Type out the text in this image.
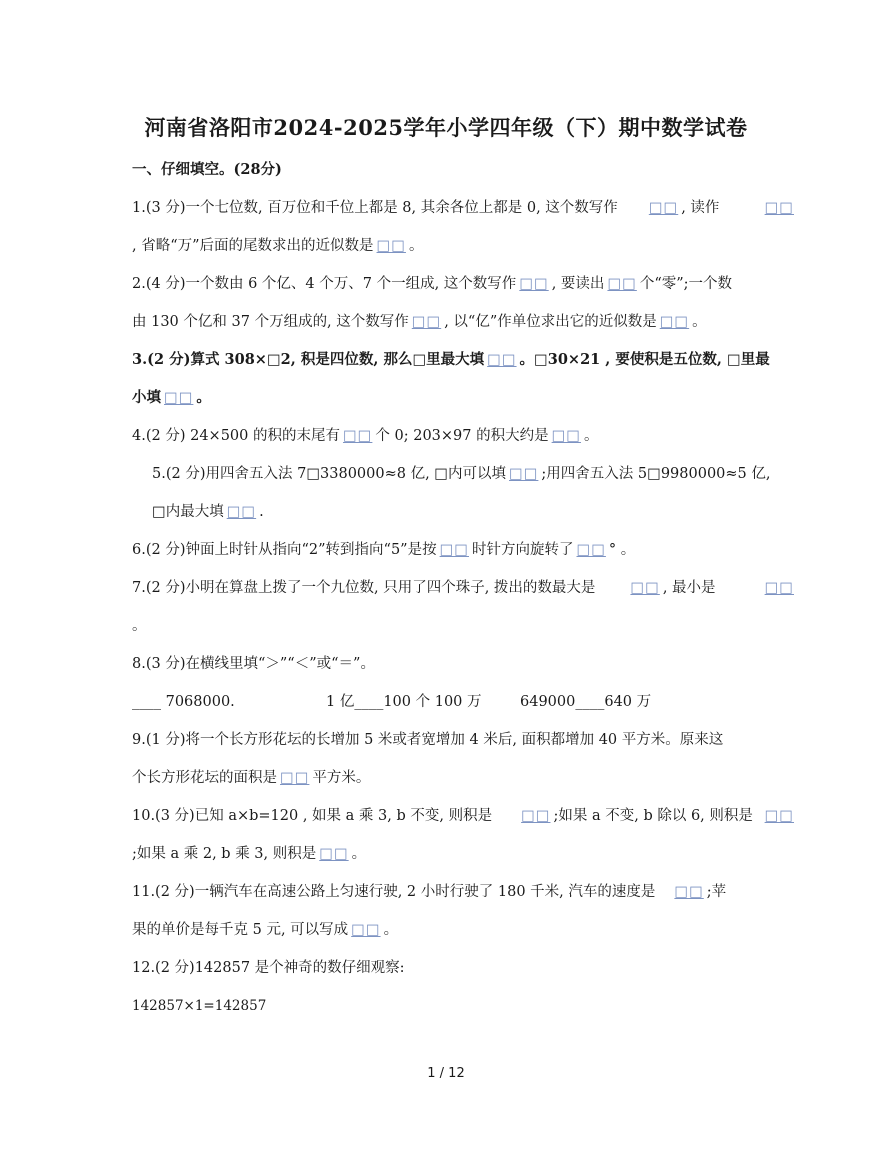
河南省洛阳市2024-2025学年小学四年级（下）期中数学试卷
一、仔细填空。(28分)
1.(3 分)一个七位数, 百万位和千位上都是 8, 其余各位上都是 0, 这个数写作 □□ , 读作	□□
, 省略“万”后面的尾数求出的近似数是 □□ 。
2.(4 分)一个数由 6 个亿、4 个万、7 个一组成, 这个数写作 □□ , 要读出 □□ 个“零”;一个数
由 130 个亿和 37 个万组成的, 这个数写作 □□ , 以“亿”作单位求出它的近似数是 □□ 。
3.(2 分)算式 308×□2, 积是四位数, 那么□里最大填 □□ 。□30×21 , 要使积是五位数, □里最
小填 □□ 。
4.(2 分) 24×500 的积的末尾有 □□ 个 0; 203×97 的积大约是 □□ 。
5.(2 分)用四舍五入法 7□3380000≈8 亿, □内可以填 □□ ;用四舍五入法 5□9980000≈5 亿,
□内最大填 □□ .
6.(2 分)钟面上时针从指向“2”转到指向“5”是按 □□ 时针方向旋转了 □□ ° 。
7.(2 分)小明在算盘上拨了一个九位数, 只用了四个珠子, 拨出的数最大是 □□ , 最小是	□□
。
8.(3 分)在横线里填“＞”“＜”或“＝”。
____ 7068000.	1 亿____100 个 100 万	649000____640 万
9.(1 分)将一个长方形花坛的长增加 5 米或者宽增加 4 米后, 面积都增加 40 平方米。原来这
个长方形花坛的面积是 □□ 平方米。
10.(3 分)已知 a×b=120 , 如果 a 乘 3, b 不变, 则积是 □□ ;如果 a 不变, b 除以 6, 则积是 □□
;如果 a 乘 2, b 乘 3, 则积是 □□ 。
11.(2 分)一辆汽车在高速公路上匀速行驶, 2 小时行驶了 180 千米, 汽车的速度是 □□ ;苹
果的单价是每千克 5 元, 可以写成 □□ 。
12.(2 分)142857 是个神奇的数仔细观察:
142857×1=142857
1 / 12
